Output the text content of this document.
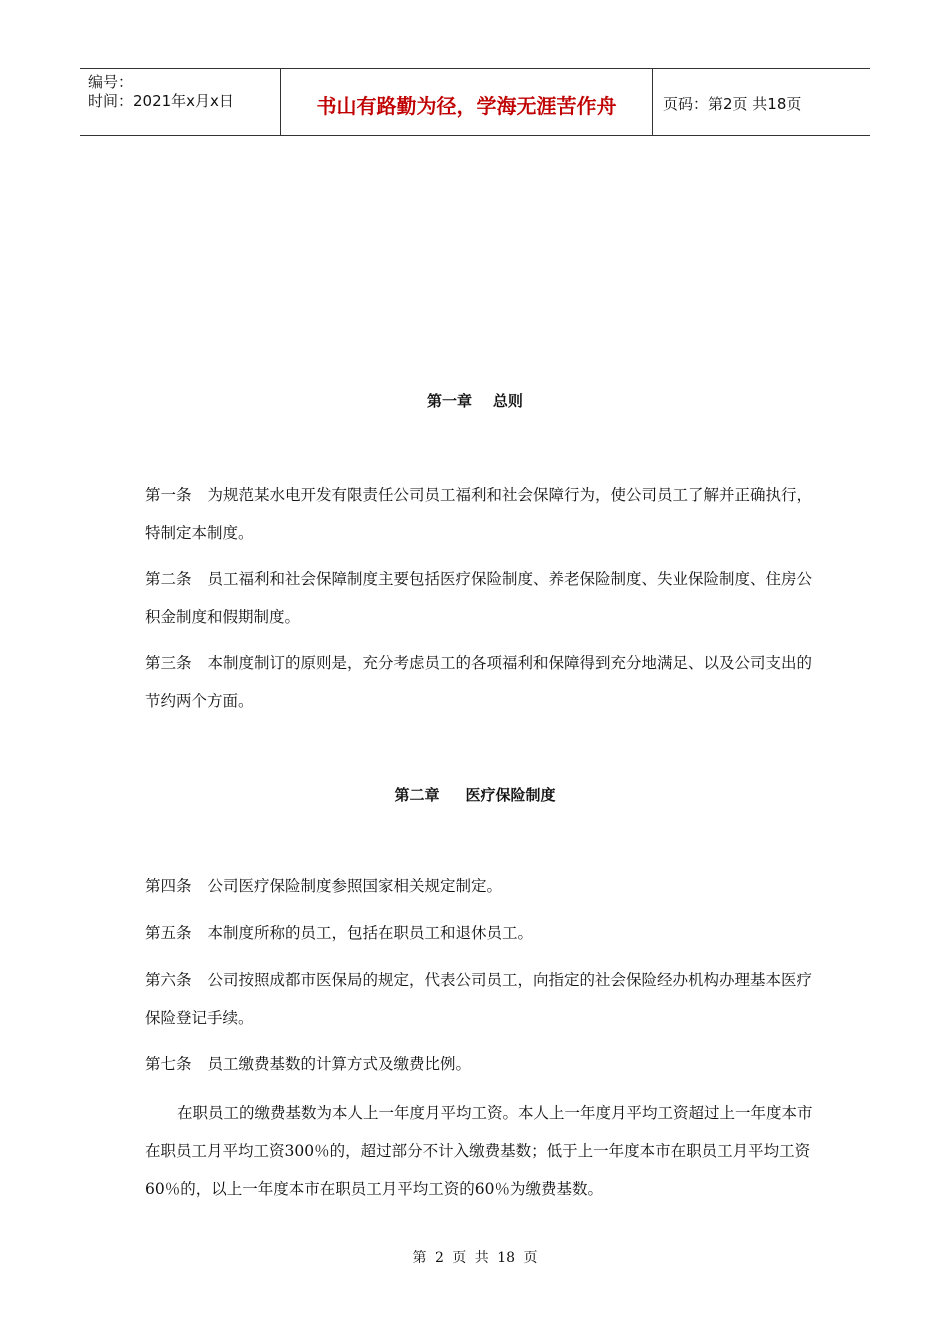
编号：
时间：2021年x月x日	书山有路勤为径，学海无涯苦作舟	页码：第2页 共18页
第一章    总则

第一条 为规范某水电开发有限责任公司员工福利和社会保障行为，使公司员工了解并正确执行，特制定本制度。

第二条 员工福利和社会保障制度主要包括医疗保险制度、养老保险制度、失业保险制度、住房公积金制度和假期制度。

第三条 本制度制订的原则是，充分考虑员工的各项福利和保障得到充分地满足、以及公司支出的节约两个方面。

第二章     医疗保险制度

第四条 公司医疗保险制度参照国家相关规定制定。

第五条 本制度所称的员工，包括在职员工和退休员工。

第六条 公司按照成都市医保局的规定，代表公司员工，向指定的社会保险经办机构办理基本医疗保险登记手续。

第七条 员工缴费基数的计算方式及缴费比例。

在职员工的缴费基数为本人上一年度月平均工资。本人上一年度月平均工资超过上一年度本市在职员工月平均工资300％的，超过部分不计入缴费基数；低于上一年度本市在职员工月平均工资60％的，以上一年度本市在职员工月平均工资的60％为缴费基数。

第 2 页 共 18 页
